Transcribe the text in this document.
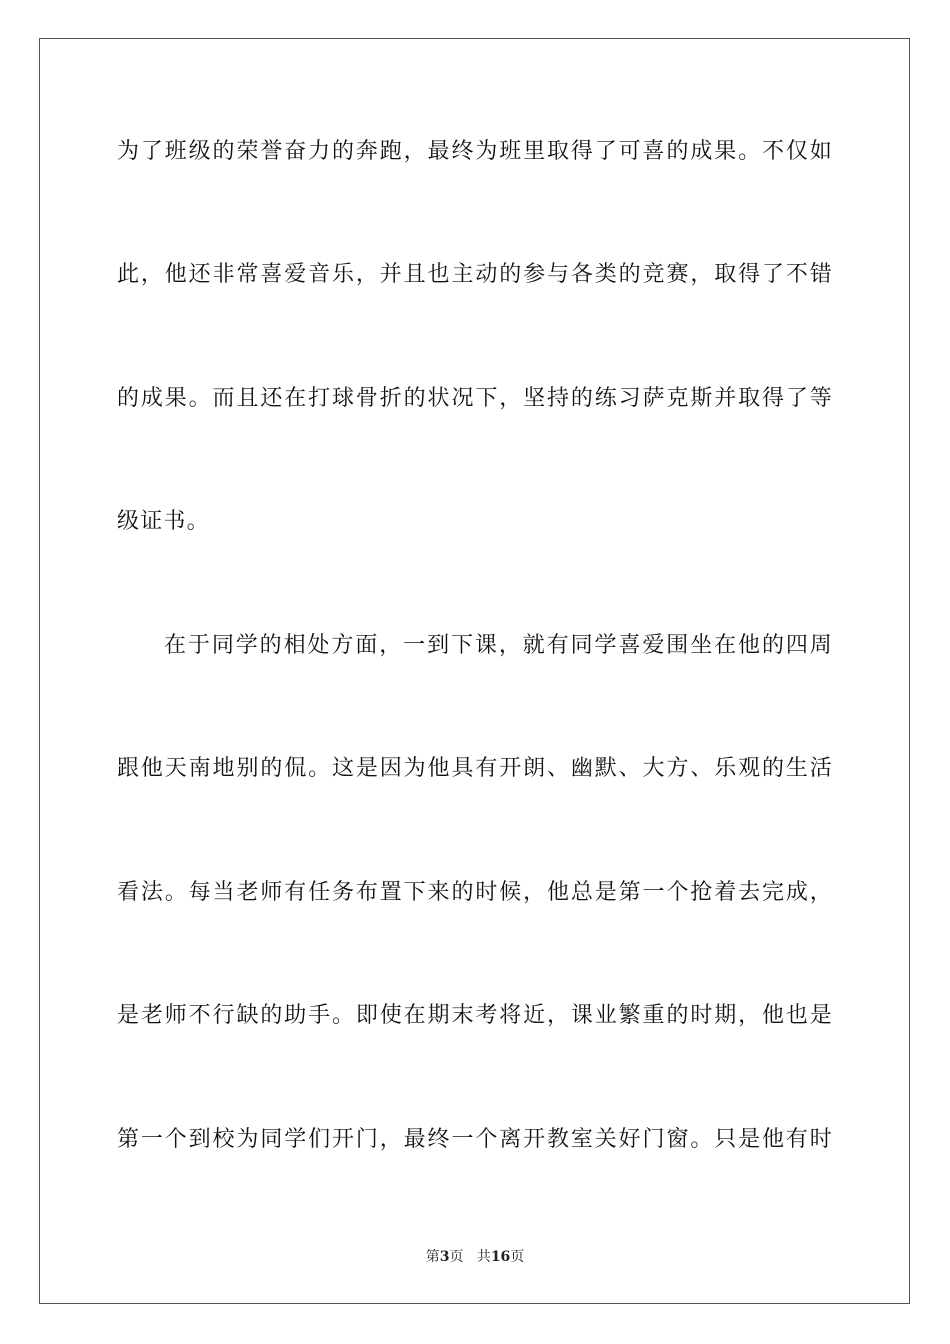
为了班级的荣誉奋力的奔跑，最终为班里取得了可喜的成果。不仅如
此，他还非常喜爱音乐，并且也主动的参与各类的竞赛，取得了不错
的成果。而且还在打球骨折的状况下，坚持的练习萨克斯并取得了等
级证书。
在于同学的相处方面，一到下课，就有同学喜爱围坐在他的四周
跟他天南地别的侃。这是因为他具有开朗、幽默、大方、乐观的生活
看法。每当老师有任务布置下来的时候，他总是第一个抢着去完成，
是老师不行缺的助手。即使在期末考将近，课业繁重的时期，他也是
第一个到校为同学们开门，最终一个离开教室关好门窗。只是他有时
第3页 共16页
